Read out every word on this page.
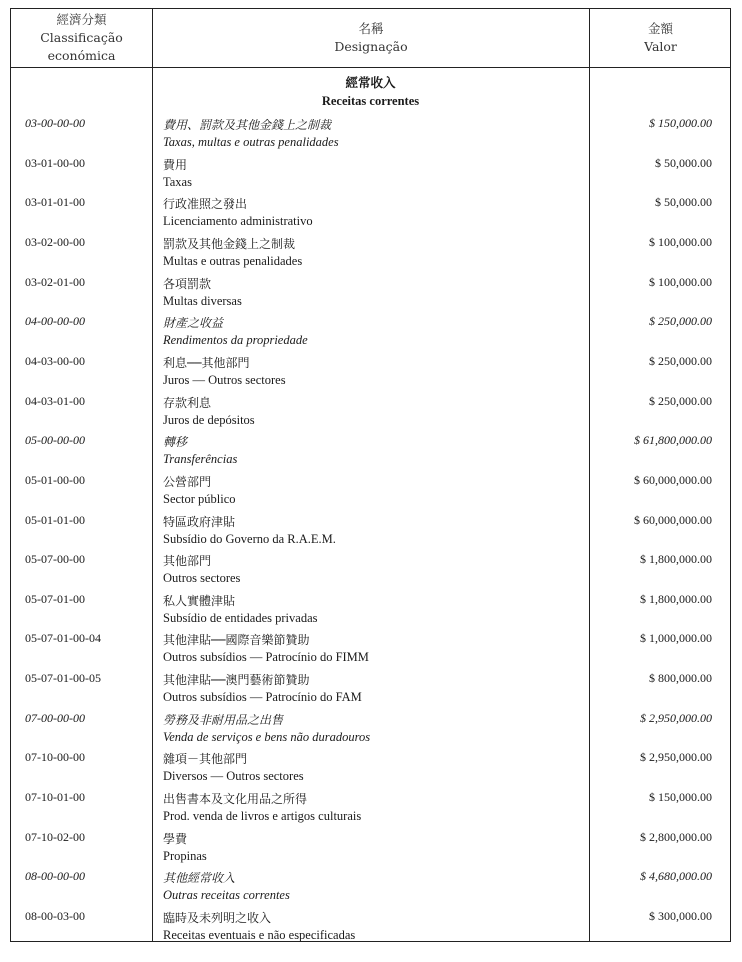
經濟分類
Classificação
económica
名稱
Designação
金額
Valor
經常收入
Receitas correntes
03-00-00-00	費用、罰款及其他金錢上之制裁
Taxas, multas e outras penalidades
$ 150,000.00
03-01-00-00	費用
Taxas
$ 50,000.00
03-01-01-00	行政准照之發出
Licenciamento administrativo
$ 50,000.00
03-02-00-00	罰款及其他金錢上之制裁
Multas e outras penalidades
$ 100,000.00
03-02-01-00	各項罰款
Multas diversas
$ 100,000.00
04-00-00-00	財產之收益
Rendimentos da propriedade
$ 250,000.00
04-03-00-00	利息──其他部門
Juros — Outros sectores
$ 250,000.00
04-03-01-00	存款利息
Juros de depósitos
$ 250,000.00
05-00-00-00	轉移
Transferências
$ 61,800,000.00
05-01-00-00	公營部門
Sector público
$ 60,000,000.00
05-01-01-00	特區政府津貼
Subsídio do Governo da R.A.E.M.
$ 60,000,000.00
05-07-00-00	其他部門
Outros sectores
$ 1,800,000.00
05-07-01-00	私人實體津貼
Subsídio de entidades privadas
$ 1,800,000.00
05-07-01-00-04	其他津貼──國際音樂節贊助
Outros subsídios — Patrocínio do FIMM
$ 1,000,000.00
05-07-01-00-05	其他津貼──澳門藝術節贊助
Outros subsídios — Patrocínio do FAM
$ 800,000.00
07-00-00-00	勞務及非耐用品之出售
Venda de serviços e bens não duradouros
$ 2,950,000.00
07-10-00-00	雜項－其他部門
Diversos — Outros sectores
$ 2,950,000.00
07-10-01-00	出售書本及文化用品之所得
Prod. venda de livros e artigos culturais
$ 150,000.00
07-10-02-00	學費
Propinas
$ 2,800,000.00
08-00-00-00	其他經常收入
Outras receitas correntes
$ 4,680,000.00
08-00-03-00	臨時及未列明之收入
Receitas eventuais e não especificadas
$ 300,000.00
